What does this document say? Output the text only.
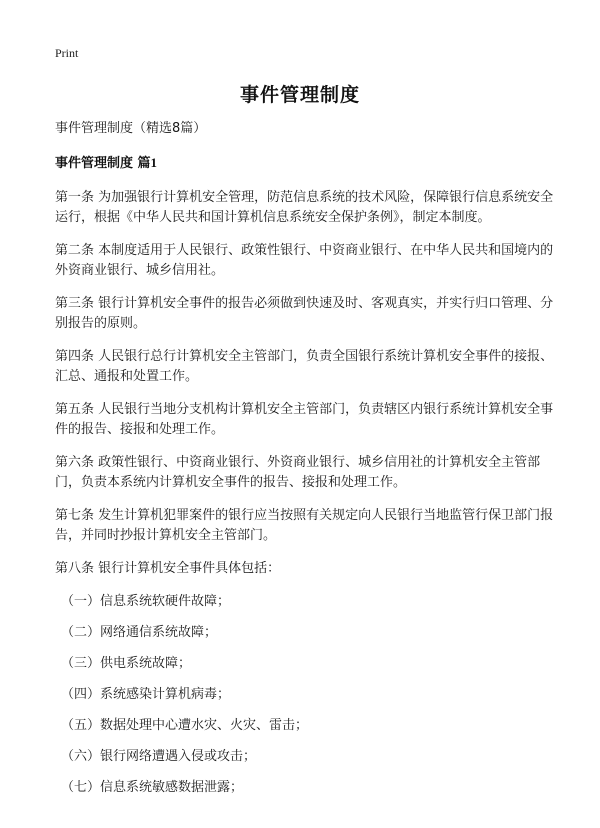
Print
事件管理制度

事件管理制度（精选8篇）

事件管理制度 篇1

第一条 为加强银行计算机安全管理，防范信息系统的技术风险，保障银行信息系统安全运行，根据《中华人民共和国计算机信息系统安全保护条例》，制定本制度。

第二条 本制度适用于人民银行、政策性银行、中资商业银行、在中华人民共和国境内的外资商业银行、城乡信用社。

第三条 银行计算机安全事件的报告必须做到快速及时、客观真实，并实行归口管理、分别报告的原则。

第四条 人民银行总行计算机安全主管部门，负责全国银行系统计算机安全事件的接报、汇总、通报和处置工作。

第五条 人民银行当地分支机构计算机安全主管部门，负责辖区内银行系统计算机安全事件的报告、接报和处理工作。

第六条 政策性银行、中资商业银行、外资商业银行、城乡信用社的计算机安全主管部门，负责本系统内计算机安全事件的报告、接报和处理工作。

第七条 发生计算机犯罪案件的银行应当按照有关规定向人民银行当地监管行保卫部门报告，并同时抄报计算机安全主管部门。

第八条 银行计算机安全事件具体包括：

（一）信息系统软硬件故障；

（二）网络通信系统故障；

（三）供电系统故障；

（四）系统感染计算机病毒；

（五）数据处理中心遭水灾、火灾、雷击；

（六）银行网络遭遇入侵或攻击；

（七）信息系统敏感数据泄露；
